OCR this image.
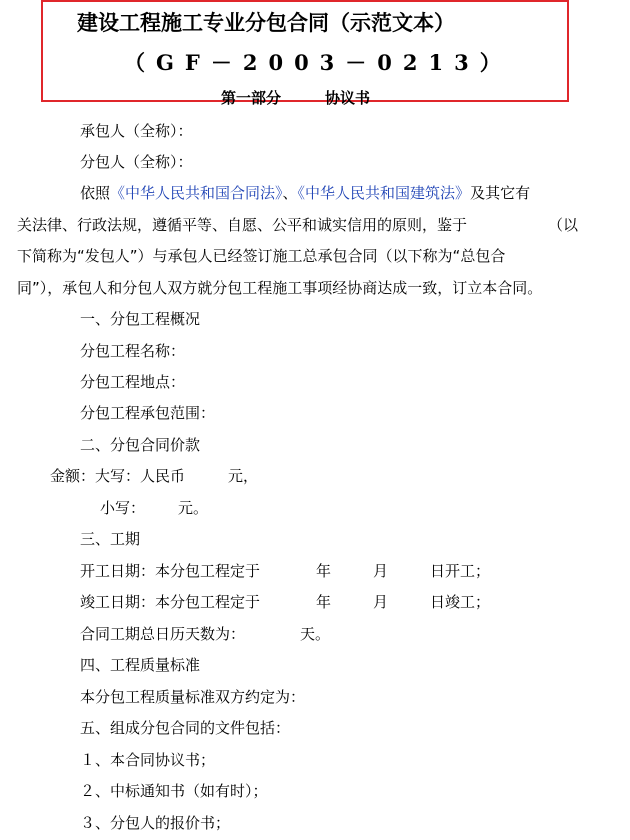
建设工程施工专业分包合同（示范文本）
（GF－2003－0213）
第一部分	协议书
承包人（全称）：
分包人（全称）：
依照《中华人民共和国合同法》、《中华人民共和国建筑法》及其它有
关法律、行政法规，遵循平等、自愿、公平和诚实信用的原则，鉴于	（以
下简称为“发包人”）与承包人已经签订施工总承包合同（以下称为“总包合
同”），承包人和分包人双方就分包工程施工事项经协商达成一致，订立本合同。
一、分包工程概况
分包工程名称：
分包工程地点：
分包工程承包范围：
二、分包合同价款
金额：大写：人民币	元，
小写： 元。
三、工期
开工日期：本分包工程定于	年	月	日开工；
竣工日期：本分包工程定于	年	月	日竣工；
合同工期总日历天数为：	天。
四、工程质量标准
本分包工程质量标准双方约定为：
五、组成分包合同的文件包括：
１、本合同协议书；
２、中标通知书（如有时）；
３、分包人的报价书；
